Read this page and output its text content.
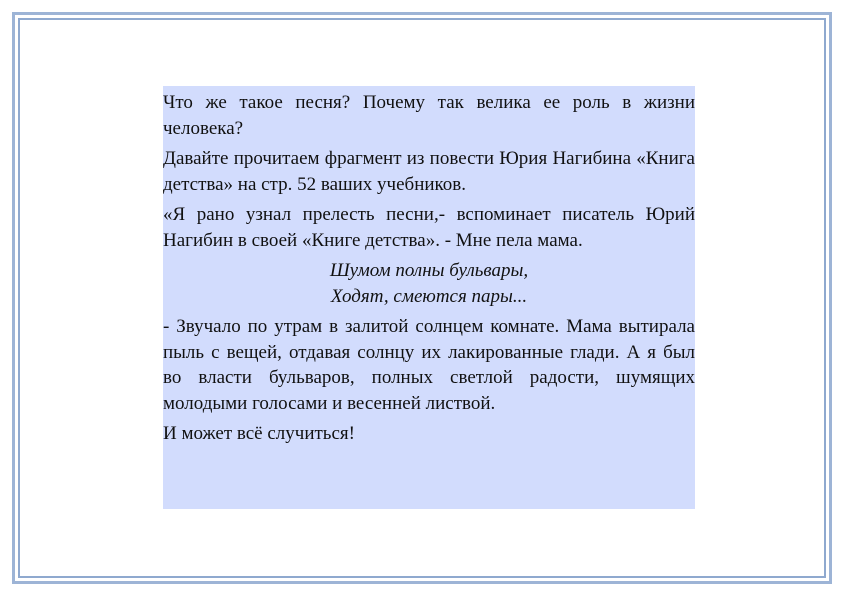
Что же такое песня? Почему так велика ее роль в жизни человека?

Давайте прочитаем фрагмент из повести Юрия Нагибина «Книга детства» на стр. 52 ваших учебников.

«Я рано узнал прелесть песни,- вспоминает писатель Юрий Нагибин в своей «Книге детства». - Мне пела мама.

Шумом полны бульвары,
Ходят, смеются пары...

- Звучало по утрам в залитой солнцем комнате. Мама вытирала пыль с вещей, отдавая солнцу их лакированные глади. А я был во власти бульваров, полных светлой радости, шумящих молодыми голосами и весенней листвой.

И может всё случиться!
